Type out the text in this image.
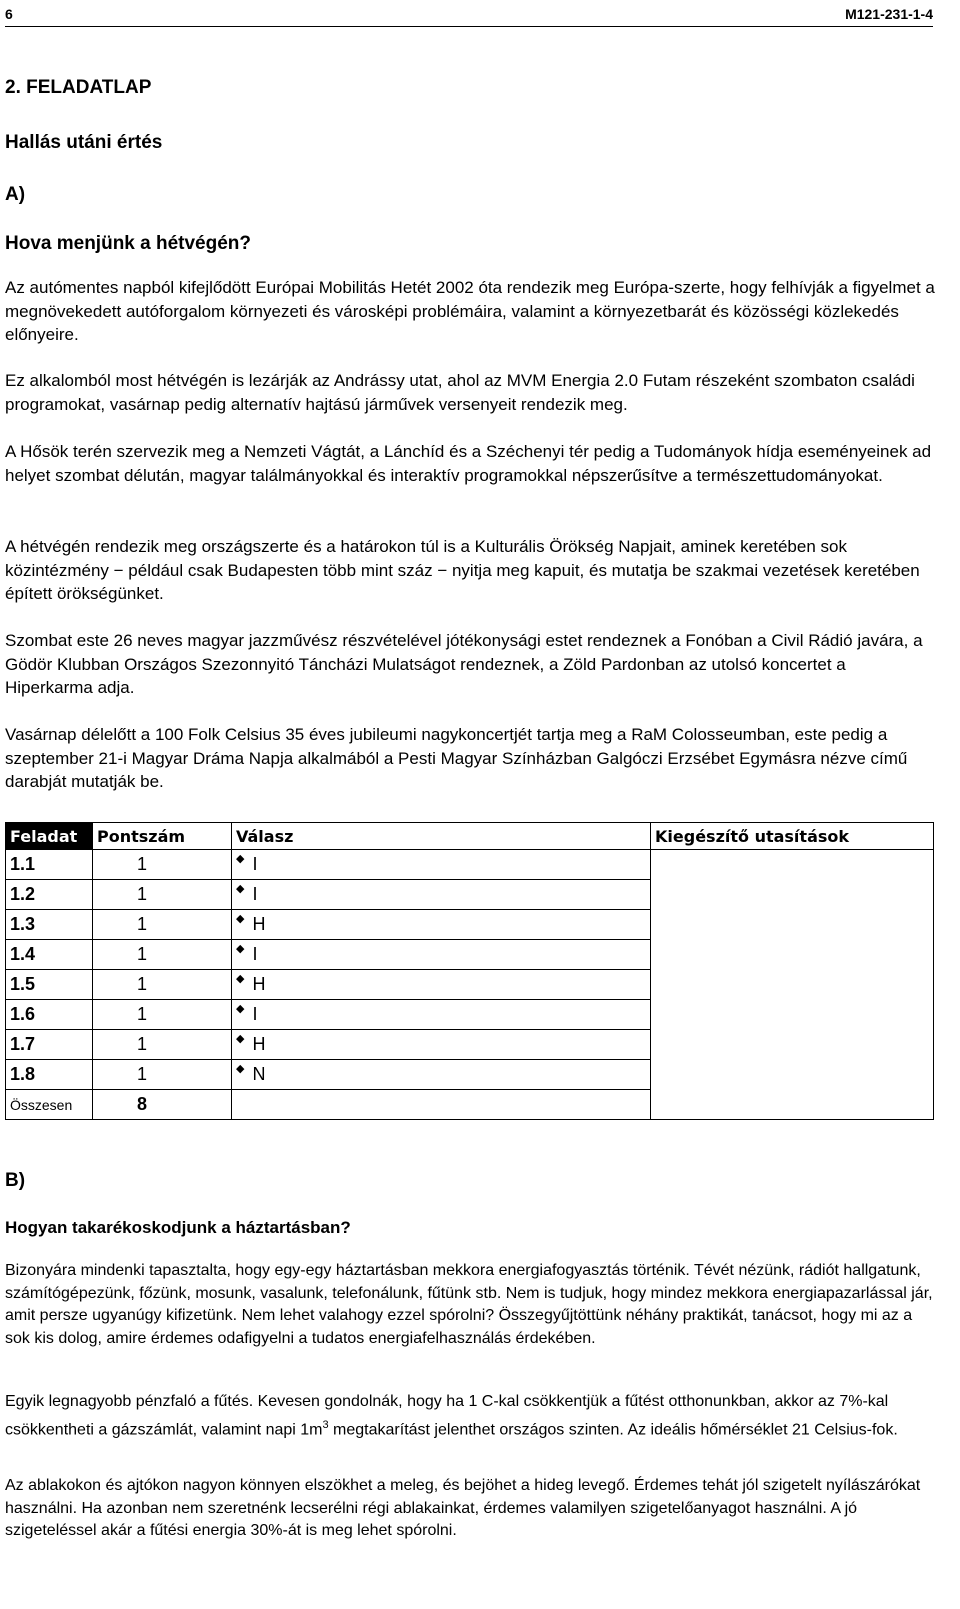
6	M121-231-1-4
2. FELADATLAP
Hallás utáni értés
A)
Hova menjünk a hétvégén?
Az autómentes napból kifejlődött Európai Mobilitás Hetét 2002 óta rendezik meg Európa-szerte, hogy felhívják a figyelmet a megnövekedett autóforgalom környezeti és városképi problémáira, valamint a környezetbarát és közösségi közlekedés előnyeire.
Ez alkalomból most hétvégén is lezárják az Andrássy utat, ahol az MVM Energia 2.0 Futam részeként szombaton családi programokat, vasárnap pedig alternatív hajtású járművek versenyeit rendezik meg.
A Hősök terén szervezik meg a Nemzeti Vágtát, a Lánchíd és a Széchenyi tér pedig a Tudományok hídja eseményeinek ad helyet szombat délután, magyar találmányokkal és interaktív programokkal népszerűsítve a természettudományokat.
A hétvégén rendezik meg országszerte és a határokon túl is a Kulturális Örökség Napjait, aminek keretében sok közintézmény − például csak Budapesten több mint száz − nyitja meg kapuit, és mutatja be szakmai vezetések keretében épített örökségünket.
Szombat este 26 neves magyar jazzművész részvételével jótékonysági estet rendeznek a Fonóban a Civil Rádió javára, a Gödör Klubban Országos Szezonnyitó Táncházi Mulatságot rendeznek, a Zöld Pardonban az utolsó koncertet a Hiperkarma adja.
Vasárnap délelőtt a 100 Folk Celsius 35 éves jubileumi nagykoncertjét tartja meg a RaM Colosseumban, este pedig a szeptember 21-i Magyar Dráma Napja alkalmából a Pesti Magyar Színházban Galgóczi Erzsébet Egymásra nézve című darabját mutatják be.
Feladat	Pontszám	Válasz	Kiegészítő utasítások
1.1	1	◆ I	
1.2	1	◆ I	
1.3	1	◆ H	
1.4	1	◆ I	
1.5	1	◆ H	
1.6	1	◆ I	
1.7	1	◆ H	
1.8	1	◆ N	
Összesen	8		
B)
Hogyan takarékoskodjunk a háztartásban?
Bizonyára mindenki tapasztalta, hogy egy-egy háztartásban mekkora energiafogyasztás történik. Tévét nézünk, rádiót hallgatunk, számítógépezünk, főzünk, mosunk, vasalunk, telefonálunk, fűtünk stb. Nem is tudjuk, hogy mindez mekkora energiapazarlással jár, amit persze ugyanúgy kifizetünk. Nem lehet valahogy ezzel spórolni? Összegyűjtöttünk néhány praktikát, tanácsot, hogy mi az a sok kis dolog, amire érdemes odafigyelni a tudatos energiafelhasználás érdekében.
Egyik legnagyobb pénzfaló a fűtés. Kevesen gondolnák, hogy ha 1 C-kal csökkentjük a fűtést otthonunkban, akkor az 7%-kal csökkentheti a gázszámlát, valamint napi $1m^3$ megtakarítást jelenthet országos szinten. Az ideális hőmérséklet 21 Celsius-fok.
Az ablakokon és ajtókon nagyon könnyen elszökhet a meleg, és bejöhet a hideg levegő. Érdemes tehát jól szigetelt nyílászárókat használni. Ha azonban nem szeretnénk lecserélni régi ablakainkat, érdemes valamilyen szigetelőanyagot használni. A jó szigeteléssel akár a fűtési energia 30%-át is meg lehet spórolni.
